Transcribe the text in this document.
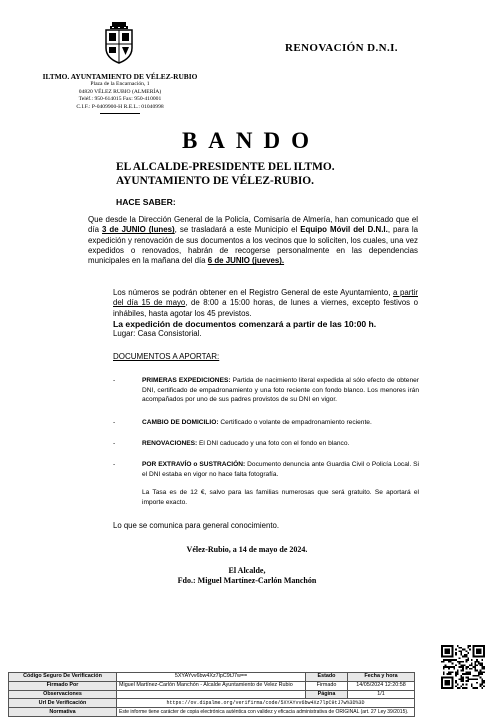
RENOVACIÓN D.N.I.
ILTMO. AYUNTAMIENTO DE VÉLEZ-RUBIO
Plaza de la Encarnación, 1
04820 VÉLEZ RUBIO (ALMERÍA)
Teléf.: 950-614015 Fax: 950-410001
C.I.F.: P-0409900-H R.E.L.: 01040998
BANDO
EL ALCALDE-PRESIDENTE DEL ILTMO. AYUNTAMIENTO DE VÉLEZ-RUBIO.
HACE SABER:
Que desde la Dirección General de la Policía, Comisaría de Almería, han comunicado que el día 3 de JUNIO (lunes), se trasladará a este Municipio el Equipo Móvil del D.N.I., para la expedición y renovación de sus documentos a los vecinos que lo soliciten, los cuales, una vez expedidos o renovados, habrán de recogerse personalmente en las dependencias municipales en la mañana del día 6 de JUNIO (jueves).
Los números se podrán obtener en el Registro General de este Ayuntamiento, a partir del día 15 de mayo, de 8:00 a 15:00 horas, de lunes a viernes, excepto festivos o inhábiles, hasta agotar los 45 previstos.
La expedición de documentos comenzará a partir de las 10:00 h.
Lugar: Casa Consistorial.
DOCUMENTOS A APORTAR:
-	PRIMERAS EXPEDICIONES: Partida de nacimiento literal expedida al sólo efecto de obtener DNI, certificado de empadronamiento y una foto reciente con fondo blanco. Los menores irán acompañados por uno de sus padres provistos de su DNI en vigor.
-	CAMBIO DE DOMICILIO: Certificado o volante de empadronamiento reciente.
-	RENOVACIONES: El DNI caducado y una foto con el fondo en blanco.
-	POR EXTRAVÍO o SUSTRACIÓN: Documento denuncia ante Guardia Civil o Policía Local. Si el DNI estaba en vigor no hace falta fotografía.
La Tasa es de 12 €, salvo para las familias numerosas que será gratuito. Se aportará el importe exacto.
Lo que se comunica para general conocimiento.
Vélez-Rubio, a 14 de mayo de 2024.
El Alcalde,
Fdo.: Miguel Martínez-Carlón Manchón
Código Seguro De Verificación	5XYAYvv6bw4Xz7lpC9tJ7w==	Estado	Fecha y hora
Firmado Por	Miguel Martínez-Carlón Manchón - Alcalde Ayuntamiento de Velez Rubio	Firmado	14/05/2024 12:20:58
Observaciones		Página	1/1
Url De Verificación	https://ov.dipalme.org/verifirma/code/5XYAYvv6bw4Xz7lpC9tJ7w%3D%3D		
Normativa	Este informe tiene carácter de copia electrónica auténtica con validez y eficacia administrativa de ORIGINAL (art. 27 Ley 39/2015).		
